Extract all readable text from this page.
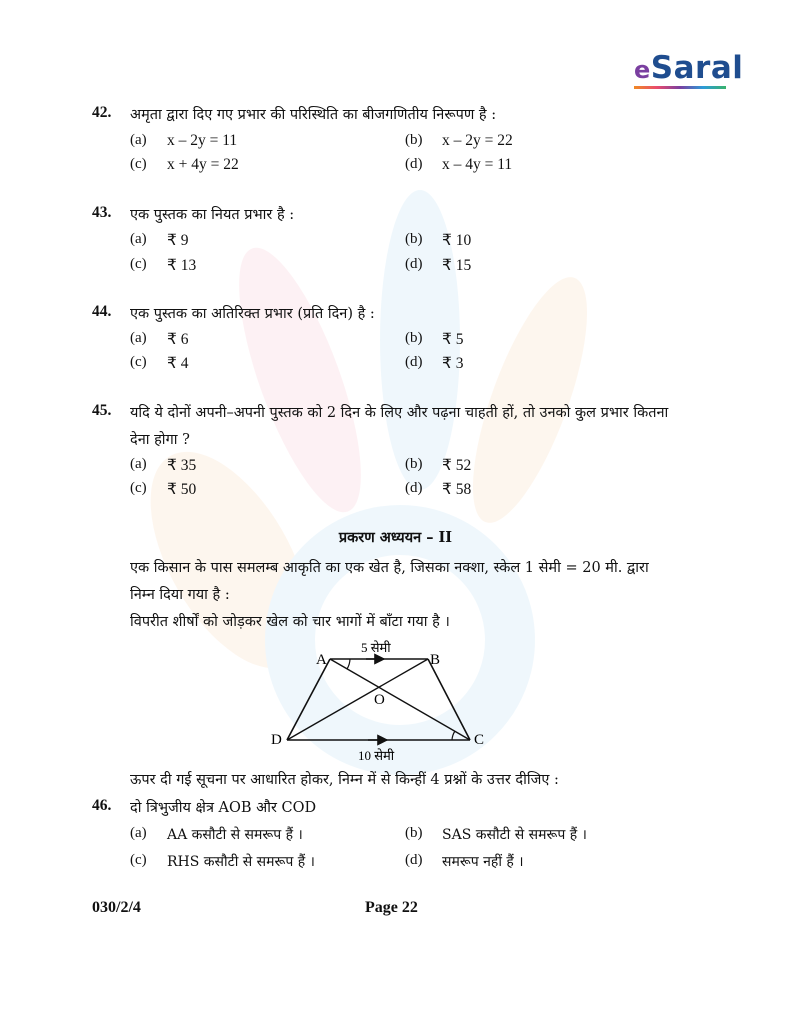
eSaral
42. अमृता द्वारा दिए गए प्रभार की परिस्थिति का बीजगणितीय निरूपण है :
(a) x – 2y = 11	(b) x – 2y = 22
(c) x + 4y = 22	(d) x – 4y = 11
43. एक पुस्तक का नियत प्रभार है :
(a) ₹ 9	(b) ₹ 10
(c) ₹ 13	(d) ₹ 15
44. एक पुस्तक का अतिरिक्त प्रभार (प्रति दिन) है :
(a) ₹ 6	(b) ₹ 5
(c) ₹ 4	(d) ₹ 3
45. यदि ये दोनों अपनी–अपनी पुस्तक को 2 दिन के लिए और पढ़ना चाहती हों, तो उनको कुल प्रभार कितना
देना होगा ?
(a) ₹ 35	(b) ₹ 52
(c) ₹ 50	(d) ₹ 58
प्रकरण अध्ययन – II
एक किसान के पास समलम्ब आकृति का एक खेत है, जिसका नक्शा, स्केल 1 सेमी = 20 मी. द्वारा
निम्न दिया गया है :
विपरीत शीर्षों को जोड़कर खेल को चार भागों में बाँटा गया है ।
A	B
C
D
O
5 सेमी
10 सेमी
ऊपर दी गई सूचना पर आधारित होकर, निम्न में से किन्हीं 4 प्रश्नों के उत्तर दीजिए :
46. दो त्रिभुजीय क्षेत्र AOB और COD
(a) AA कसौटी से समरूप हैं ।	(b) SAS कसौटी से समरूप हैं ।
(c) RHS कसौटी से समरूप हैं ।	(d) समरूप नहीं हैं ।
030/2/4	Page 22
